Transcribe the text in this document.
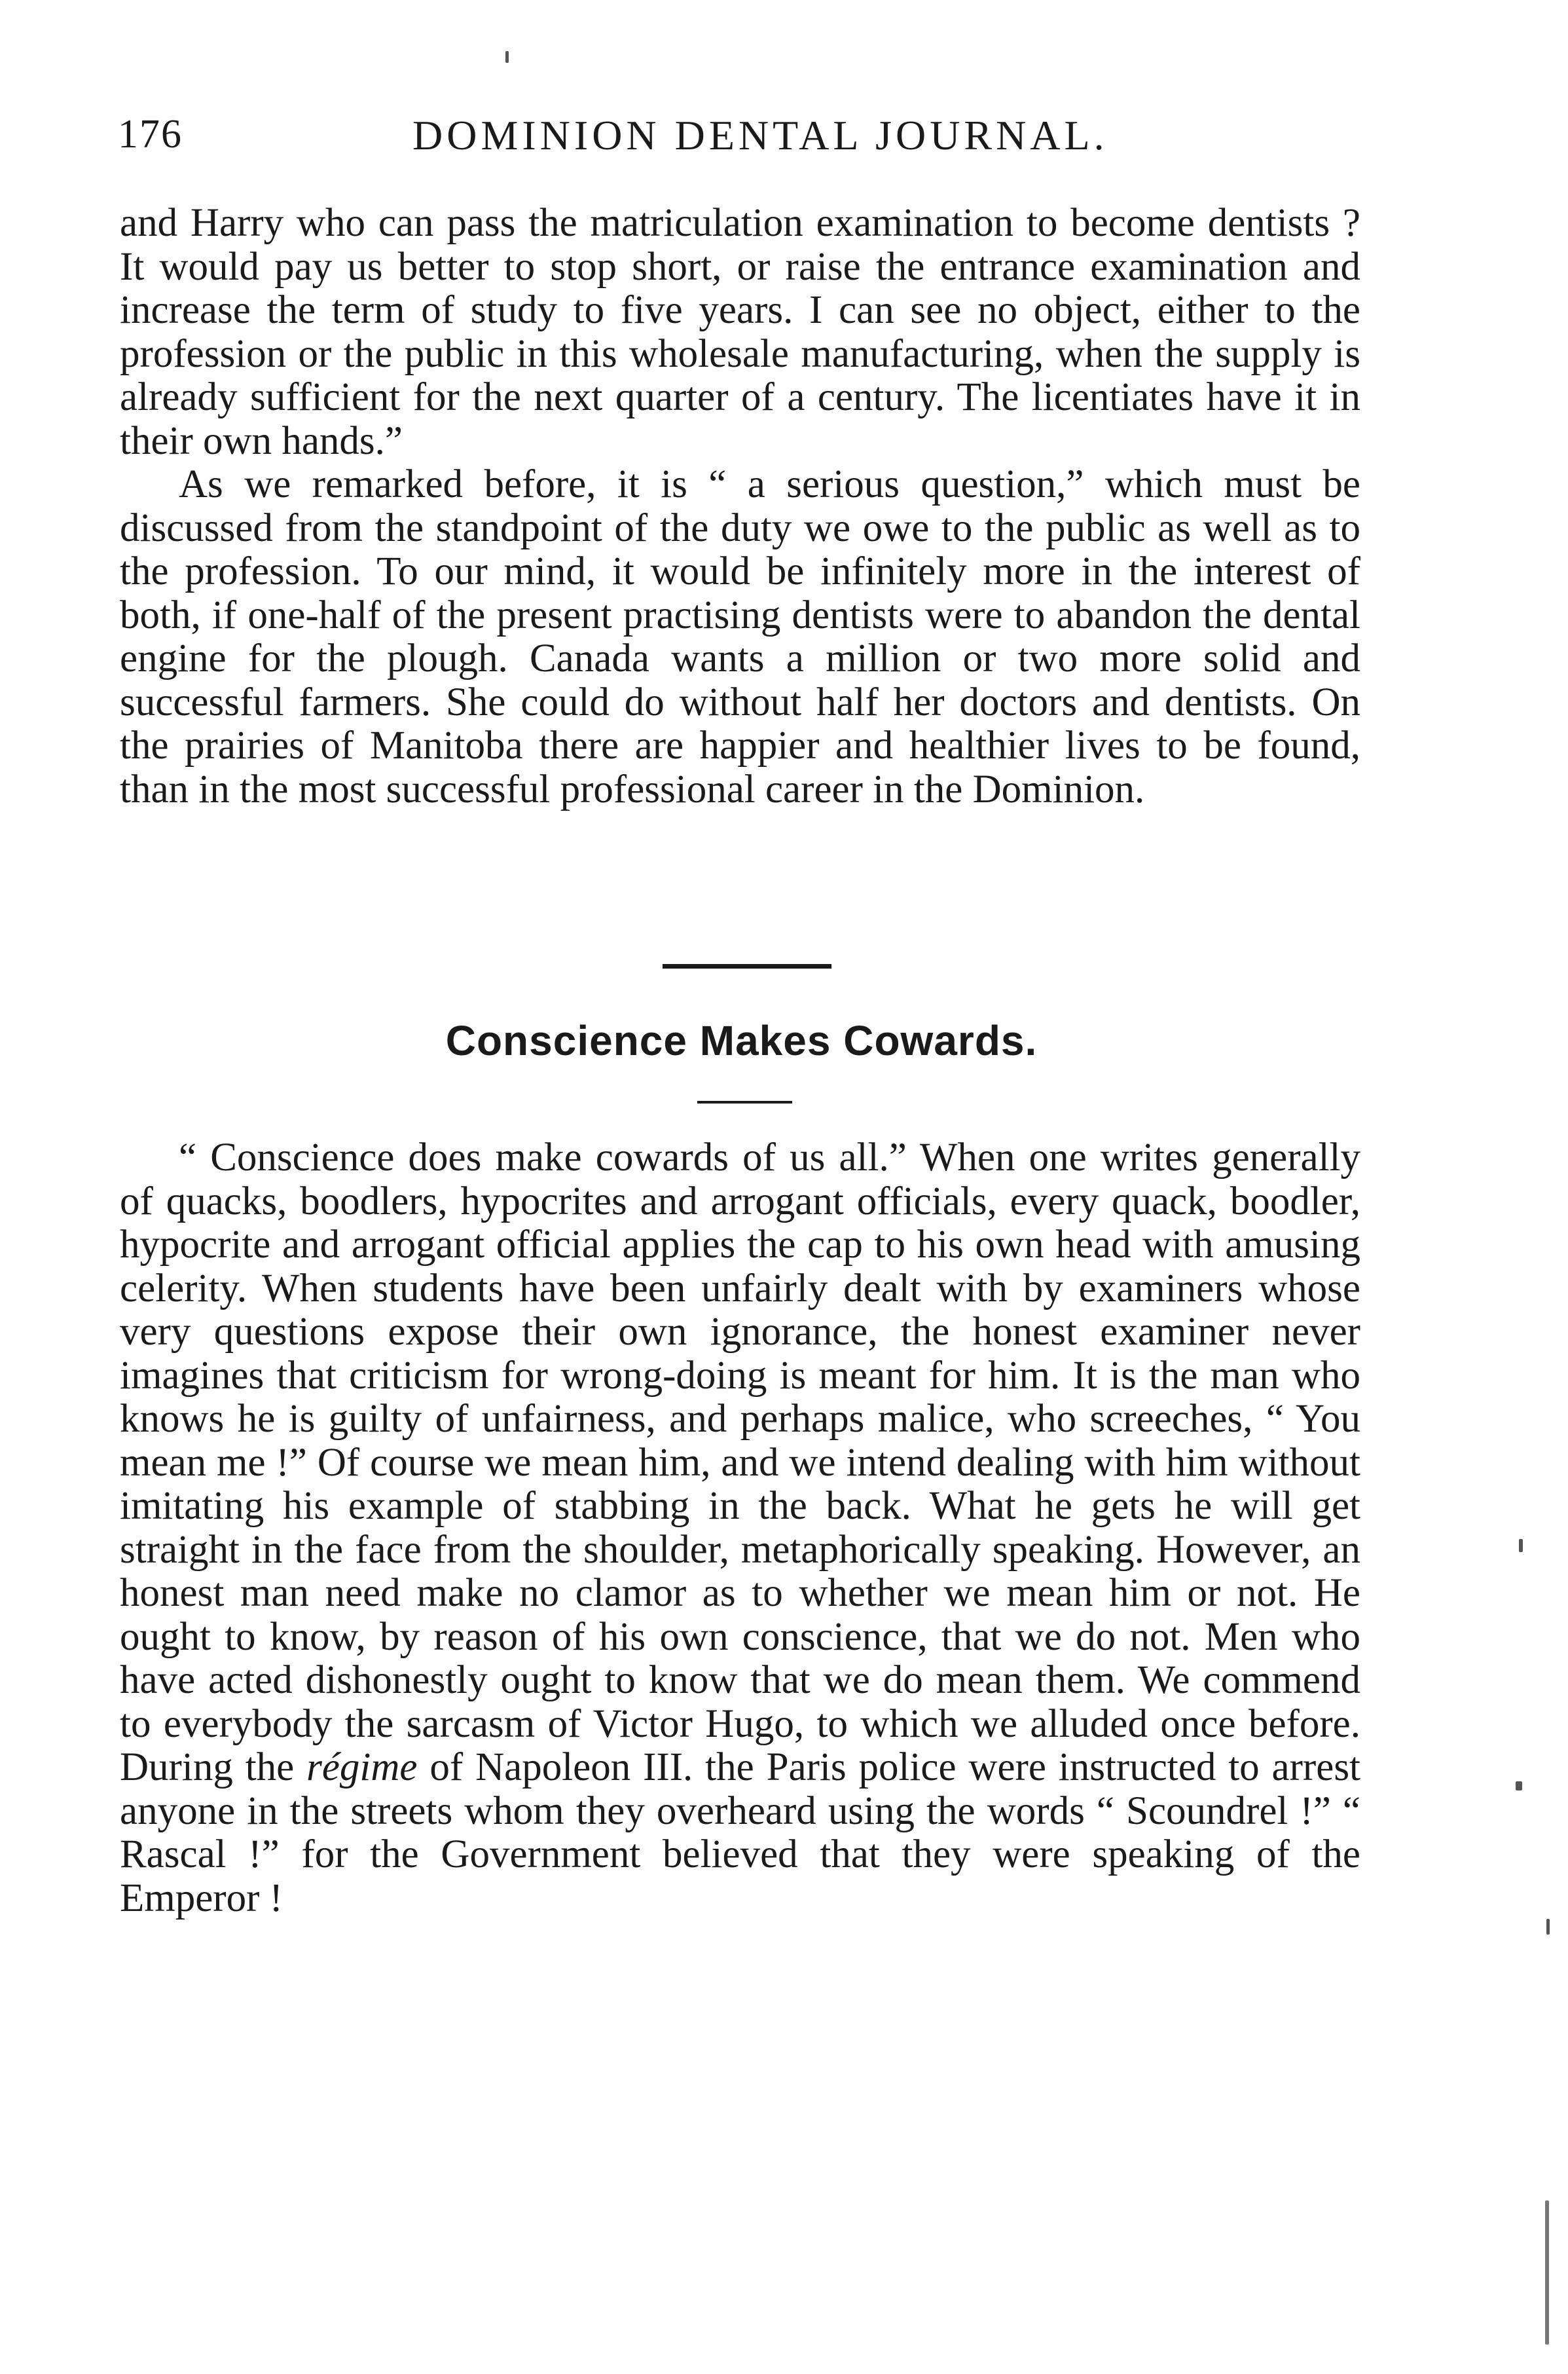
176	DOMINION DENTAL JOURNAL.

and Harry who can pass the matriculation examination to become dentists ? It would pay us better to stop short, or raise the entrance examination and increase the term of study to five years. I can see no object, either to the profession or the public in this wholesale manufacturing, when the supply is already sufficient for the next quarter of a century. The licentiates have it in their own hands.”

As we remarked before, it is “ a serious question,” which must be discussed from the standpoint of the duty we owe to the public as well as to the profession. To our mind, it would be infinitely more in the interest of both, if one-half of the present practising dentists were to abandon the dental engine for the plough. Canada wants a million or two more solid and successful farmers. She could do without half her doctors and dentists. On the prairies of Manitoba there are happier and healthier lives to be found, than in the most successful professional career in the Dominion.

Conscience Makes Cowards.

“ Conscience does make cowards of us all.” When one writes generally of quacks, boodlers, hypocrites and arrogant officials, every quack, boodler, hypocrite and arrogant official applies the cap to his own head with amusing celerity. When students have been unfairly dealt with by examiners whose very questions expose their own ignorance, the honest examiner never imagines that criticism for wrong-doing is meant for him. It is the man who knows he is guilty of unfairness, and perhaps malice, who screeches, “ You mean me !” Of course we mean him, and we intend dealing with him without imitating his example of stabbing in the back. What he gets he will get straight in the face from the shoulder, metaphorically speaking. However, an honest man need make no clamor as to whether we mean him or not. He ought to know, by reason of his own conscience, that we do not. Men who have acted dishonestly ought to know that we do mean them. We commend to everybody the sarcasm of Victor Hugo, to which we alluded once before. During the régime of Napoleon III. the Paris police were instructed to arrest anyone in the streets whom they overheard using the words “ Scoundrel !” “ Rascal !” for the Government believed that they were speaking of the Emperor !
